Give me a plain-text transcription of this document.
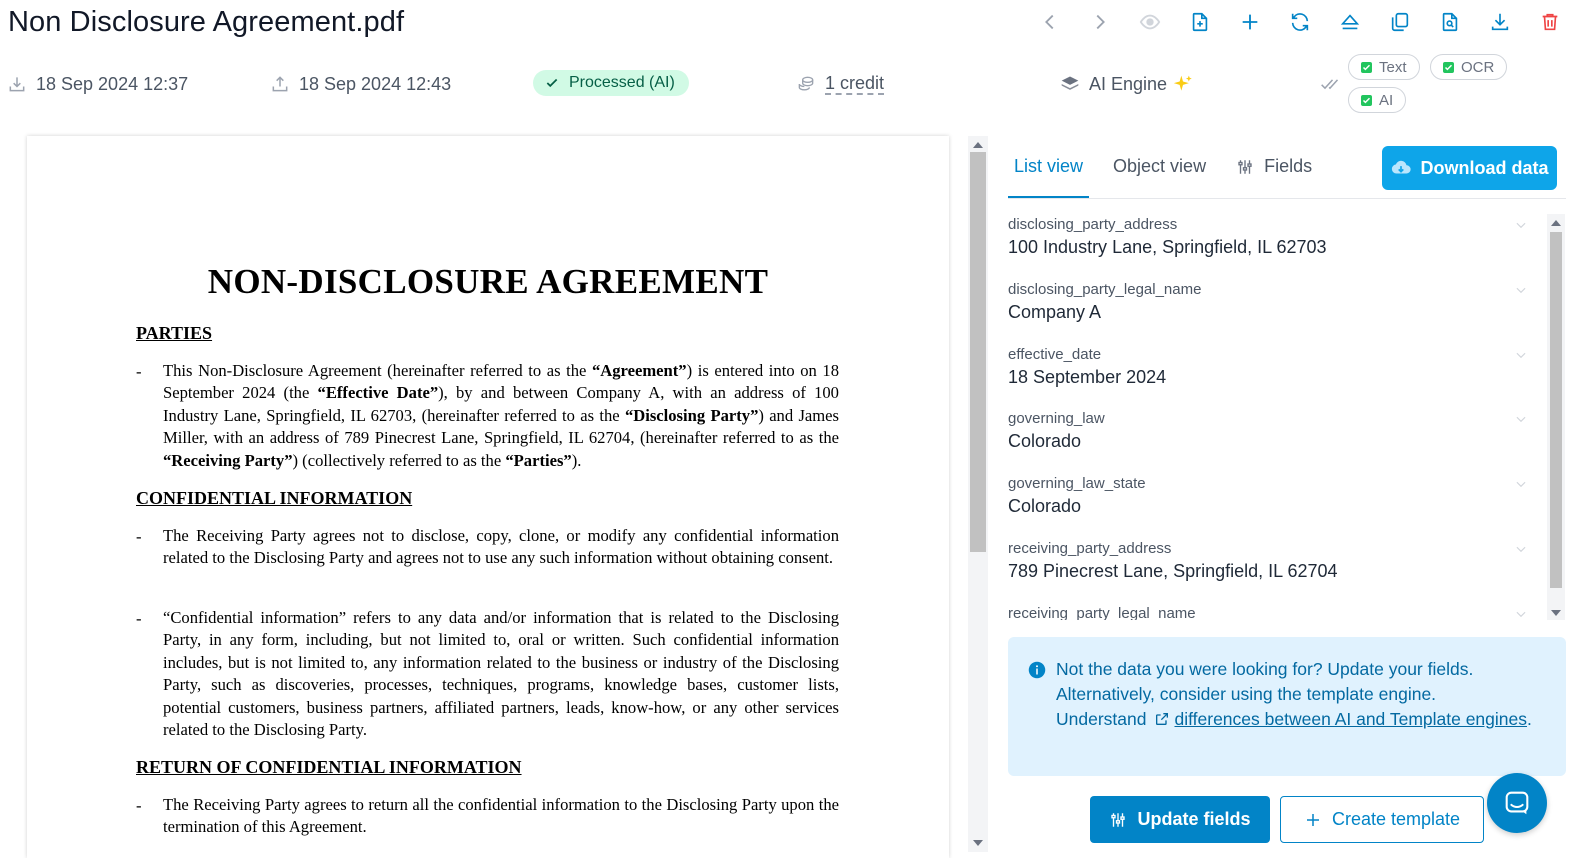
Non Disclosure Agreement.pdf
18 Sep 2024 12:37	18 Sep 2024 12:43	Processed (AI)	1 credit	AI Engine
Text	OCR
AI
NON-DISCLOSURE AGREEMENT
PARTIES
- This Non-Disclosure Agreement (hereinafter referred to as the “Agreement”) is entered into on 18 September 2024 (the “Effective Date”), by and between Company A, with an address of 100 Industry Lane, Springfield, IL 62703, (hereinafter referred to as the “Disclosing Party”) and James Miller, with an address of 789 Pinecrest Lane, Springfield, IL 62704, (hereinafter referred to as the “Receiving Party”) (collectively referred to as the “Parties”).
CONFIDENTIAL INFORMATION
- The Receiving Party agrees not to disclose, copy, clone, or modify any confidential information related to the Disclosing Party and agrees not to use any such information without obtaining consent.
- “Confidential information” refers to any data and/or information that is related to the Disclosing Party, in any form, including, but not limited to, oral or written. Such confidential information includes, but is not limited to, any information related to the business or industry of the Disclosing Party, such as discoveries, processes, techniques, programs, knowledge bases, customer lists, potential customers, business partners, affiliated partners, leads, know-how, or any other services related to the Disclosing Party.
RETURN OF CONFIDENTIAL INFORMATION
- The Receiving Party agrees to return all the confidential information to the Disclosing Party upon the termination of this Agreement.
List view Object view	Fields	Download data
disclosing_party_address
100 Industry Lane, Springfield, IL 62703
disclosing_party_legal_name
Company A
effective_date
18 September 2024
governing_law
Colorado
governing_law_state
Colorado
receiving_party_address
789 Pinecrest Lane, Springfield, IL 62704
receiving_party_legal_name
Not the data you were looking for? Update your fields.
Alternatively, consider using the template engine.
Understand differences between AI and Template engines.
Update fields	Create template
